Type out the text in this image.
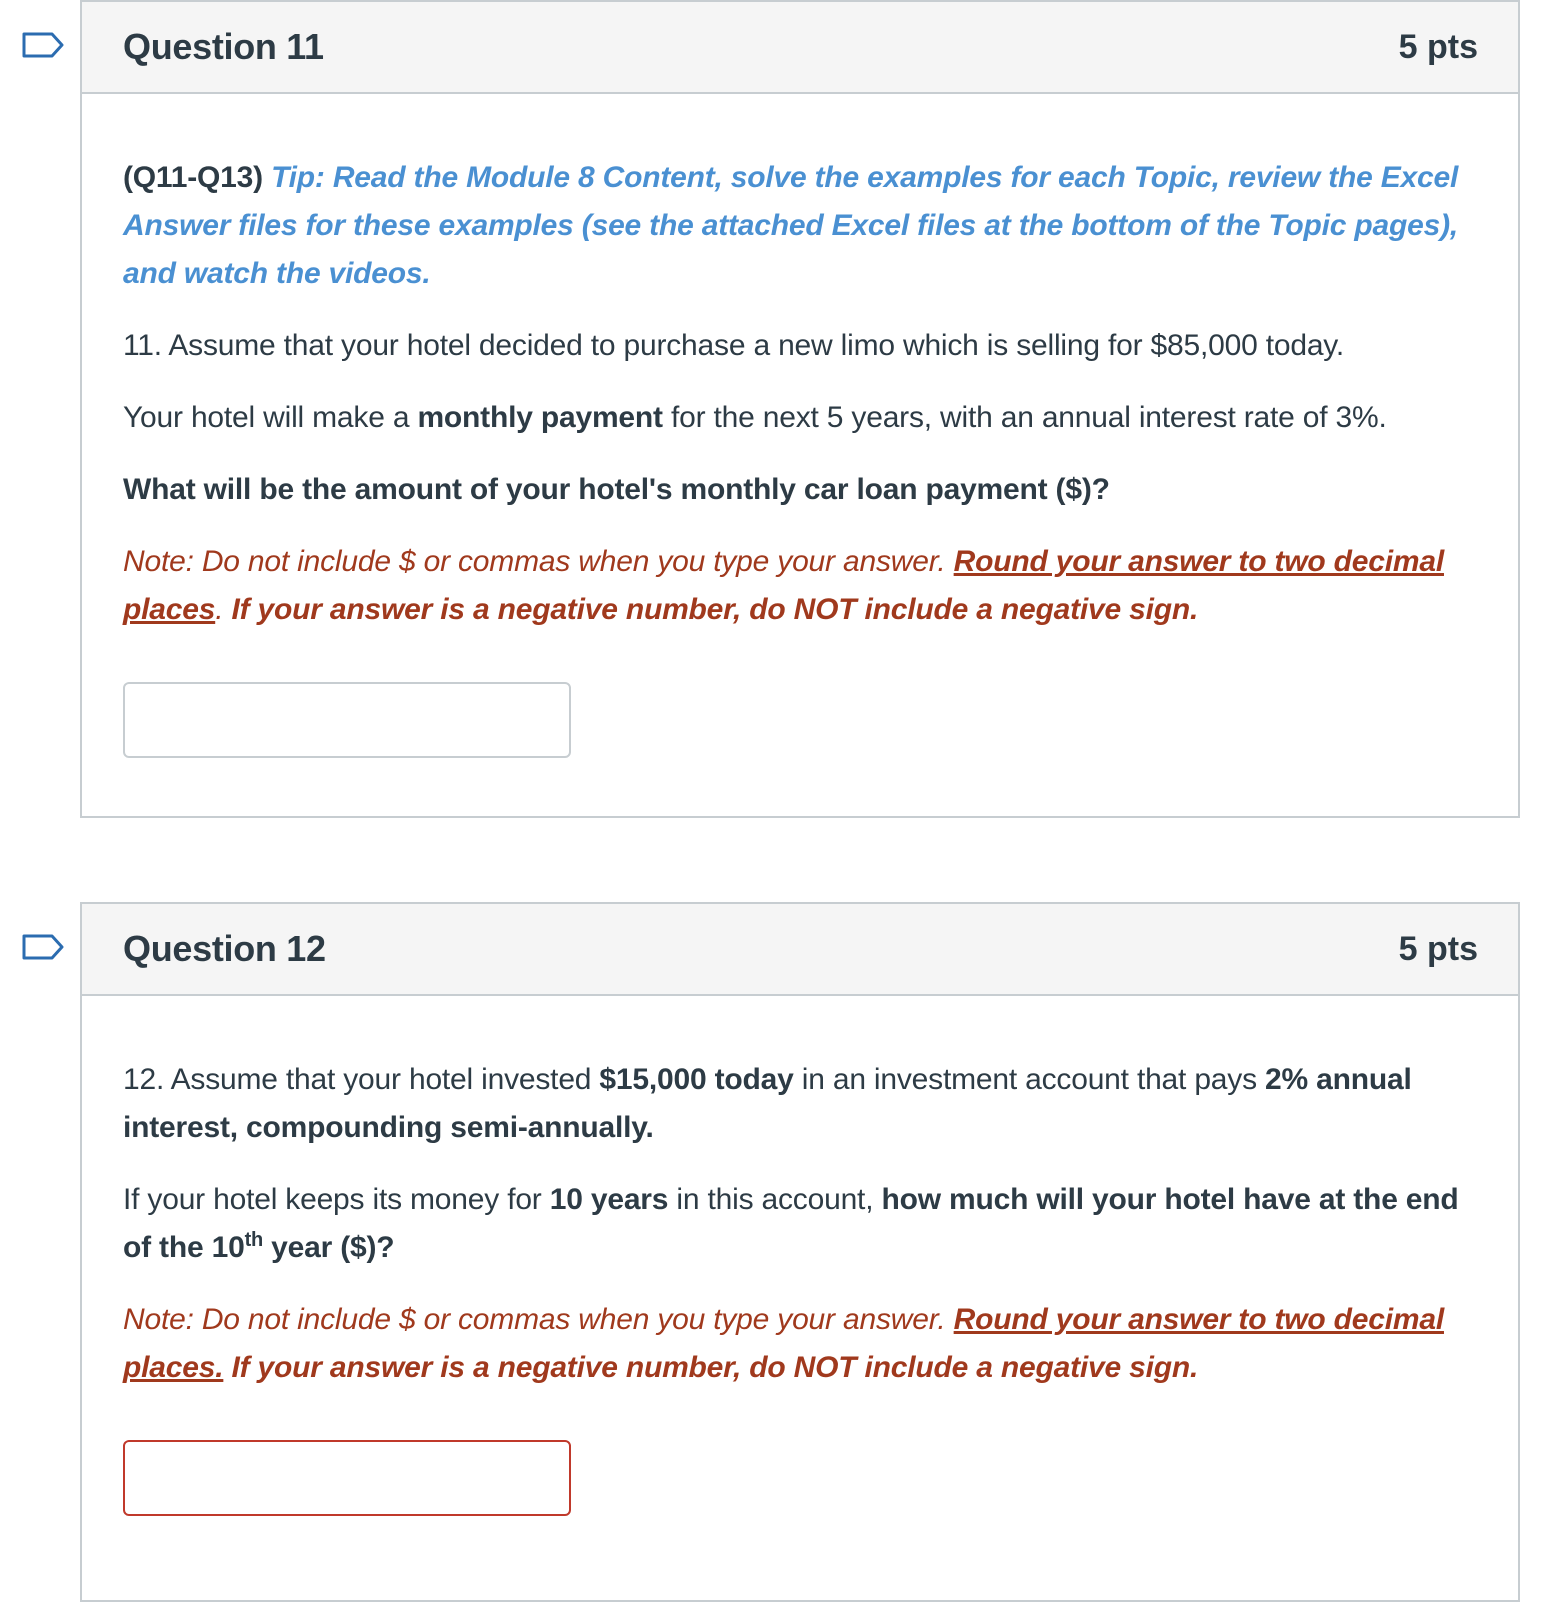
Question 11	5 pts

(Q11-Q13) Tip: Read the Module 8 Content, solve the examples for each Topic, review the Excel Answer files for these examples (see the attached Excel files at the bottom of the Topic pages), and watch the videos.

11. Assume that your hotel decided to purchase a new limo which is selling for $85,000 today.

Your hotel will make a monthly payment for the next 5 years, with an annual interest rate of 3%.

What will be the amount of your hotel's monthly car loan payment ($)?

Note: Do not include $ or commas when you type your answer. Round your answer to two decimal places. If your answer is a negative number, do NOT include a negative sign.

Question 12	5 pts

12. Assume that your hotel invested $15,000 today in an investment account that pays 2% annual interest, compounding semi-annually.

If your hotel keeps its money for 10 years in this account, how much will your hotel have at the end of the 10th year ($)?

Note: Do not include $ or commas when you type your answer. Round your answer to two decimal places. If your answer is a negative number, do NOT include a negative sign.
